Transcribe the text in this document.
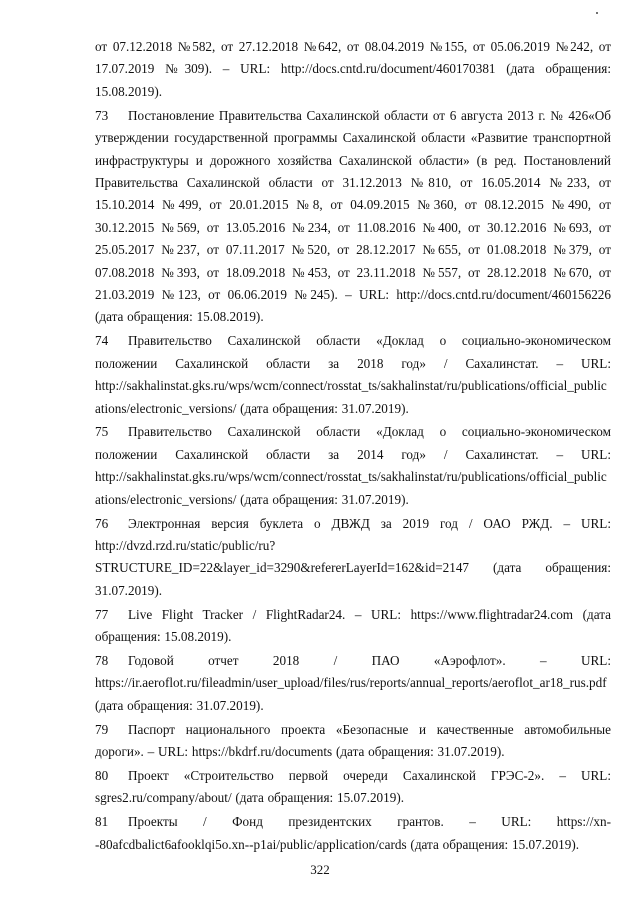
от 07.12.2018 №582, от 27.12.2018 №642, от 08.04.2019 №155, от 05.06.2019 №242, от 17.07.2019 №309). – URL: http://docs.cntd.ru/document/460170381 (дата обращения: 15.08.2019).

73 Постановление Правительства Сахалинской области от 6 августа 2013 г. № 426«Об утверждении государственной программы Сахалинской области «Развитие транспортной инфраструктуры и дорожного хозяйства Сахалинской области» (в ред. Постановлений Правительства Сахалинской области от 31.12.2013 №810, от 16.05.2014 №233, от 15.10.2014 №499, от 20.01.2015 №8, от 04.09.2015 №360, от 08.12.2015 №490, от 30.12.2015 №569, от 13.05.2016 №234, от 11.08.2016 №400, от 30.12.2016 №693, от 25.05.2017 №237, от 07.11.2017 №520, от 28.12.2017 №655, от 01.08.2018 №379, от 07.08.2018 №393, от 18.09.2018 №453, от 23.11.2018 №557, от 28.12.2018 №670, от 21.03.2019 №123, от 06.06.2019 №245). – URL: http://docs.cntd.ru/document/460156226 (дата обращения: 15.08.2019).

74 Правительство Сахалинской области «Доклад о социально-экономическом положении Сахалинской области за 2018 год» / Сахалинстат. – URL: http://sakhalinstat.gks.ru/wps/wcm/connect/rosstat_ts/sakhalinstat/ru/publications/official_publications/electronic_versions/ (дата обращения: 31.07.2019).

75 Правительство Сахалинской области «Доклад о социально-экономическом положении Сахалинской области за 2014 год» / Сахалинстат. – URL: http://sakhalinstat.gks.ru/wps/wcm/connect/rosstat_ts/sakhalinstat/ru/publications/official_publications/electronic_versions/ (дата обращения: 31.07.2019).

76 Электронная версия буклета о ДВЖД за 2019 год / ОАО РЖД. – URL: http://dvzd.rzd.ru/static/public/ru?STRUCTURE_ID=22&layer_id=3290&refererLayerId=162&id=2147 (дата обращения: 31.07.2019).

77 Live Flight Tracker / FlightRadar24. – URL: https://www.flightradar24.com (дата обращения: 15.08.2019).

78 Годовой отчет 2018 / ПАО «Аэрофлот». – URL: https://ir.aeroflot.ru/fileadmin/user_upload/files/rus/reports/annual_reports/aeroflot_ar18_rus.pdf (дата обращения: 31.07.2019).

79 Паспорт национального проекта «Безопасные и качественные автомобильные дороги». – URL: https://bkdrf.ru/documents (дата обращения: 31.07.2019).

80 Проект «Строительство первой очереди Сахалинской ГРЭС-2». – URL: sgres2.ru/company/about/ (дата обращения: 15.07.2019).

81 Проекты / Фонд президентских грантов. – URL: https://xn--80afcdbalict6afooklqi5o.xn--p1ai/public/application/cards (дата обращения: 15.07.2019).

322
